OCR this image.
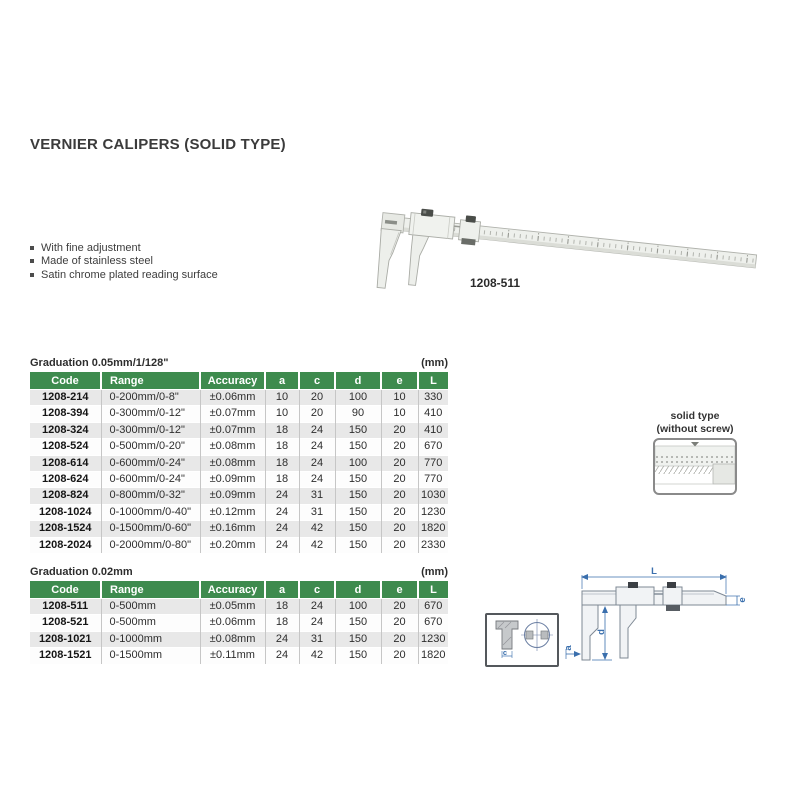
VERNIER CALIPERS (SOLID TYPE)
With fine adjustment
Made of stainless steel
Satin chrome plated reading surface
1208-511
Graduation 0.05mm/1/128"	(mm)
Code	Range	Accuracy	a	c	d	e	L
1208-214	0-200mm/0-8"	±0.06mm	10	20	100	10	330
1208-394	0-300mm/0-12"	±0.07mm	10	20	90	10	410
1208-324	0-300mm/0-12"	±0.07mm	18	24	150	20	410
1208-524	0-500mm/0-20"	±0.08mm	18	24	150	20	670
1208-614	0-600mm/0-24"	±0.08mm	18	24	100	20	770
1208-624	0-600mm/0-24"	±0.09mm	18	24	150	20	770
1208-824	0-800mm/0-32"	±0.09mm	24	31	150	20	1030
1208-1024	0-1000mm/0-40"	±0.12mm	24	31	150	20	1230
1208-1524	0-1500mm/0-60"	±0.16mm	24	42	150	20	1820
1208-2024	0-2000mm/0-80"	±0.20mm	24	42	150	20	2330
Graduation 0.02mm	(mm)
Code	Range	Accuracy	a	c	d	e	L
1208-511	0-500mm	±0.05mm	18	24	100	20	670
1208-521	0-500mm	±0.06mm	18	24	150	20	670
1208-1021	0-1000mm	±0.08mm	24	31	150	20	1230
1208-1521	0-1500mm	±0.11mm	24	42	150	20	1820
solid type
(without screw)
c
L
d
e
a
